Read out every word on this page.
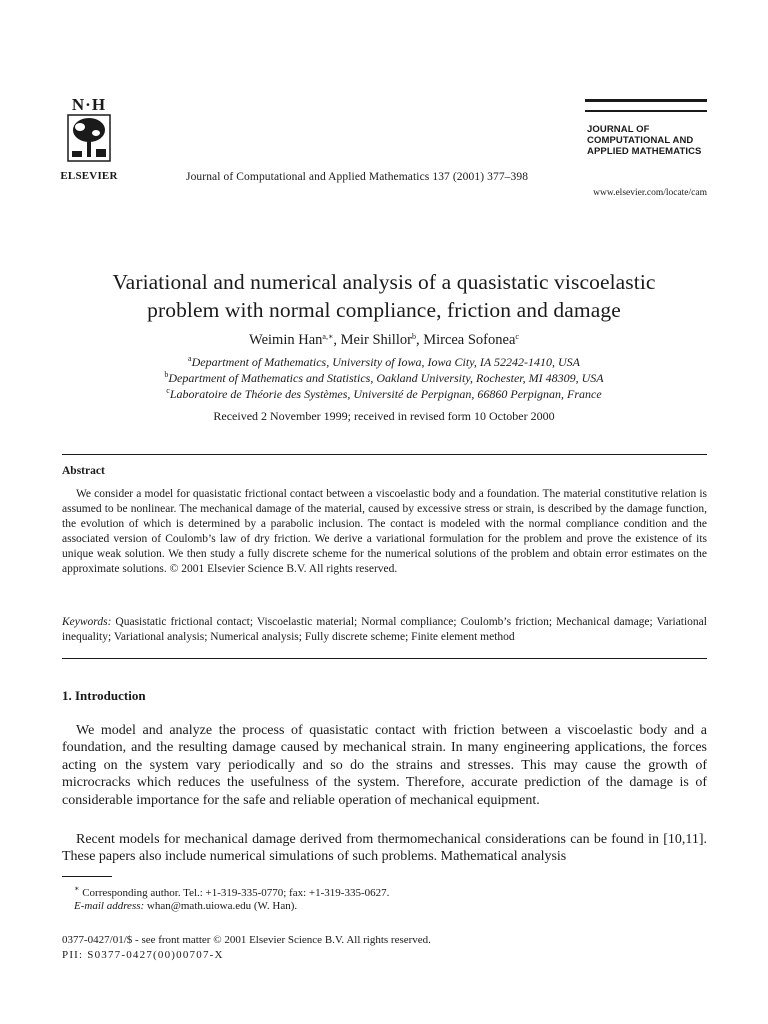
N·H
ELSEVIER	Journal of Computational and Applied Mathematics 137 (2001) 377–398
JOURNAL OF
COMPUTATIONAL AND
APPLIED MATHEMATICS
www.elsevier.com/locate/cam
Variational and numerical analysis of a quasistatic viscoelastic
problem with normal compliance, friction and damage
Weimin Han$^{a,∗}$, Meir Shillor$^b$, Mircea Sofonea$^c$
$^a$Department of Mathematics, University of Iowa, Iowa City, IA 52242-1410, USA
$^b$Department of Mathematics and Statistics, Oakland University, Rochester, MI 48309, USA
$^c$Laboratoire de Théorie des Systèmes, Université de Perpignan, 66860 Perpignan, France
Received 2 November 1999; received in revised form 10 October 2000
Abstract
We consider a model for quasistatic frictional contact between a viscoelastic body and a foundation. The material constitutive relation is assumed to be nonlinear. The mechanical damage of the material, caused by excessive stress or strain, is described by the damage function, the evolution of which is determined by a parabolic inclusion. The contact is modeled with the normal compliance condition and the associated version of Coulomb’s law of dry friction. We derive a variational formulation for the problem and prove the existence of its unique weak solution. We then study a fully discrete scheme for the numerical solutions of the problem and obtain error estimates on the approximate solutions. © 2001 Elsevier Science B.V. All rights reserved.
Keywords: Quasistatic frictional contact; Viscoelastic material; Normal compliance; Coulomb’s friction; Mechanical damage; Variational inequality; Variational analysis; Numerical analysis; Fully discrete scheme; Finite element method
1. Introduction
We model and analyze the process of quasistatic contact with friction between a viscoelastic body and a foundation, and the resulting damage caused by mechanical strain. In many engineering applications, the forces acting on the system vary periodically and so do the strains and stresses. This may cause the growth of microcracks which reduces the usefulness of the system. Therefore, accurate prediction of the damage is of considerable importance for the safe and reliable operation of mechanical equipment.
Recent models for mechanical damage derived from thermomechanical considerations can be found in [10,11]. These papers also include numerical simulations of such problems. Mathematical analysis
∗ Corresponding author. Tel.: +1-319-335-0770; fax: +1-319-335-0627.
E-mail address: whan@math.uiowa.edu (W. Han).
0377-0427/01/$ - see front matter © 2001 Elsevier Science B.V. All rights reserved.
PII: S0377-0427(00)00707-X
